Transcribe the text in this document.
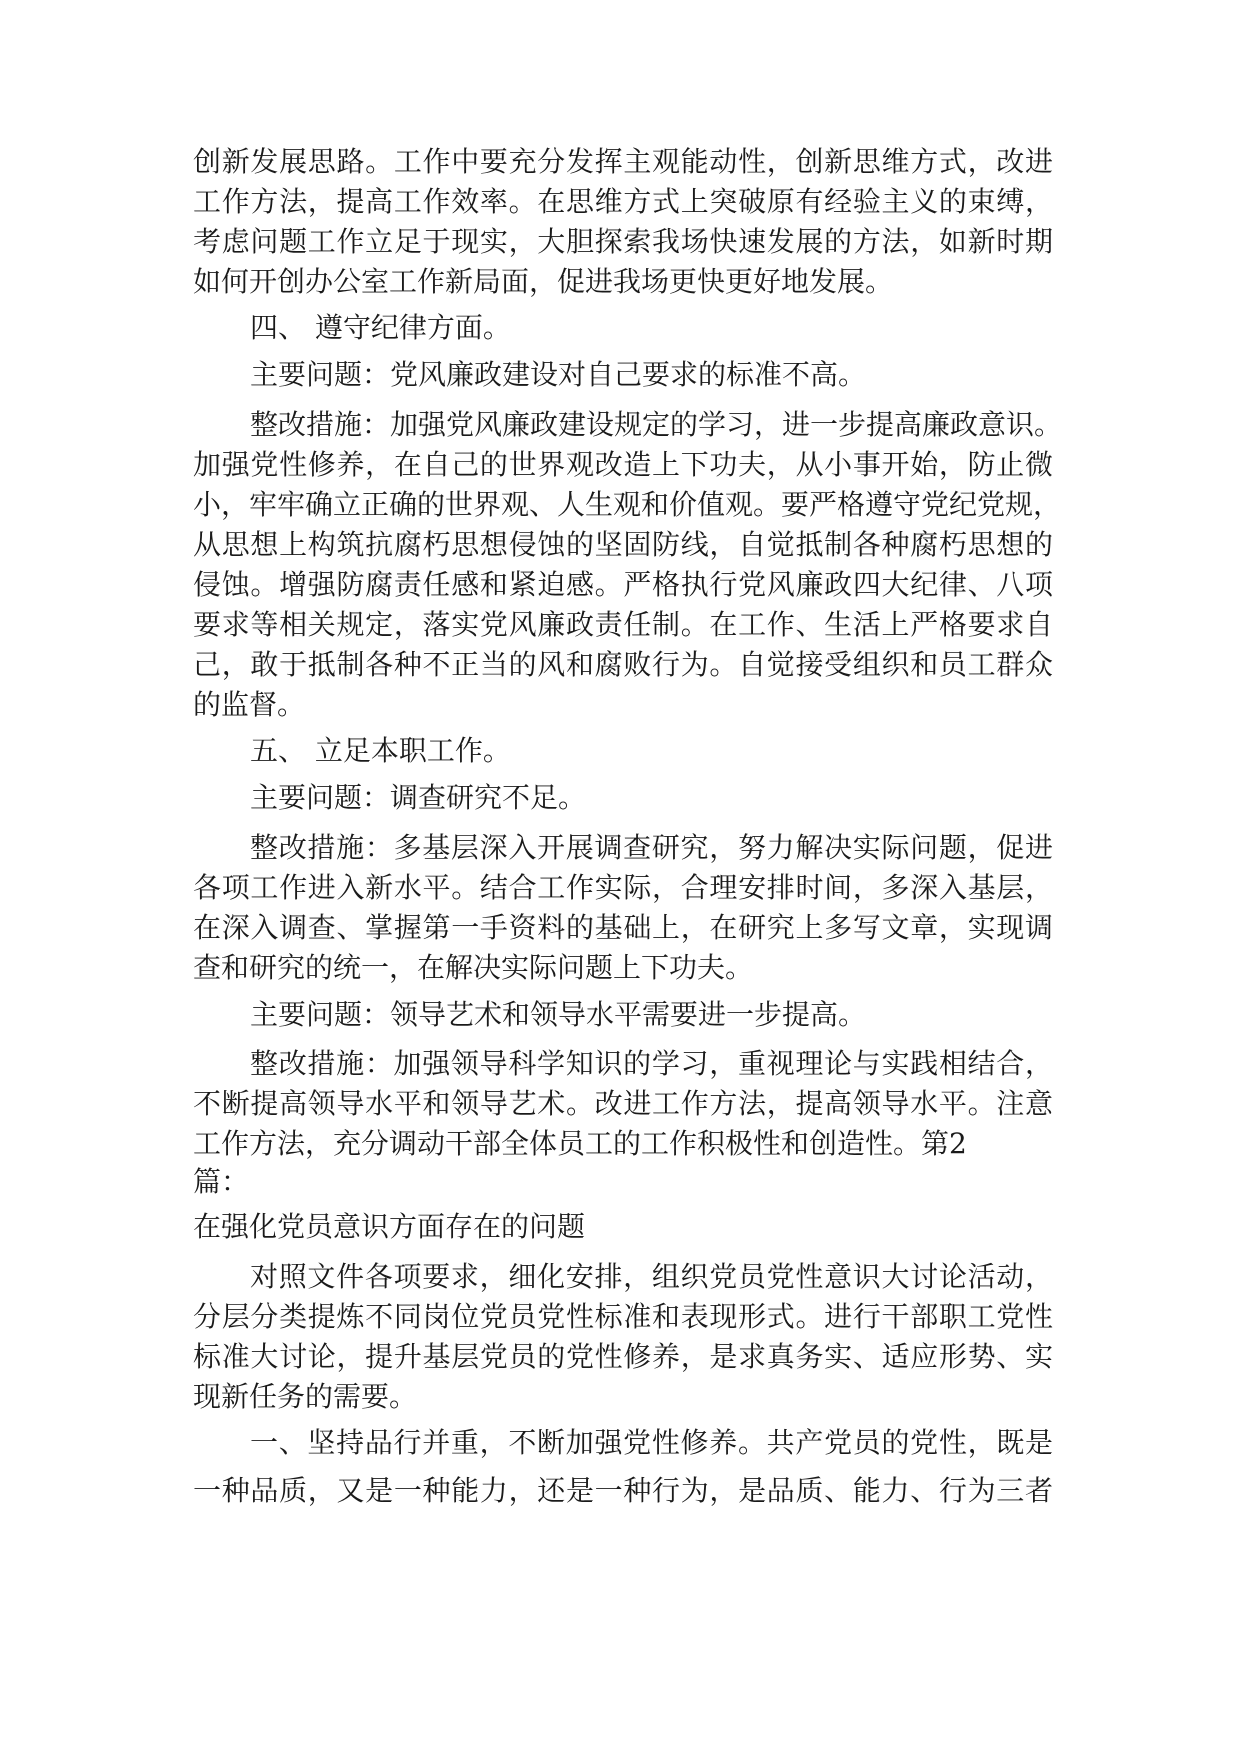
创新发展思路。工作中要充分发挥主观能动性，创新思维方式，改进
工作方法，提高工作效率。在思维方式上突破原有经验主义的束缚，
考虑问题工作立足于现实，大胆探索我场快速发展的方法，如新时期
如何开创办公室工作新局面，促进我场更快更好地发展。
四、 遵守纪律方面。
主要问题：党风廉政建设对自己要求的标准不高。
整改措施：加强党风廉政建设规定的学习，进一步提高廉政意识。
加强党性修养，在自己的世界观改造上下功夫，从小事开始，防止微
小，牢牢确立正确的世界观、人生观和价值观。要严格遵守党纪党规，
从思想上构筑抗腐朽思想侵蚀的坚固防线，自觉抵制各种腐朽思想的
侵蚀。增强防腐责任感和紧迫感。严格执行党风廉政四大纪律、八项
要求等相关规定，落实党风廉政责任制。在工作、生活上严格要求自
己，敢于抵制各种不正当的风和腐败行为。自觉接受组织和员工群众
的监督。
五、 立足本职工作。
主要问题：调查研究不足。
整改措施：多基层深入开展调查研究，努力解决实际问题，促进
各项工作进入新水平。结合工作实际，合理安排时间，多深入基层，
在深入调查、掌握第一手资料的基础上，在研究上多写文章，实现调
查和研究的统一，在解决实际问题上下功夫。
主要问题：领导艺术和领导水平需要进一步提高。
整改措施：加强领导科学知识的学习，重视理论与实践相结合，
不断提高领导水平和领导艺术。改进工作方法，提高领导水平。注意
工作方法，充分调动干部全体员工的工作积极性和创造性。第2
篇：
在强化党员意识方面存在的问题
对照文件各项要求，细化安排，组织党员党性意识大讨论活动，
分层分类提炼不同岗位党员党性标准和表现形式。进行干部职工党性
标准大讨论，提升基层党员的党性修养，是求真务实、适应形势、实
现新任务的需要。
一、坚持品行并重，不断加强党性修养。共产党员的党性，既是
一种品质，又是一种能力，还是一种行为，是品质、能力、行为三者
